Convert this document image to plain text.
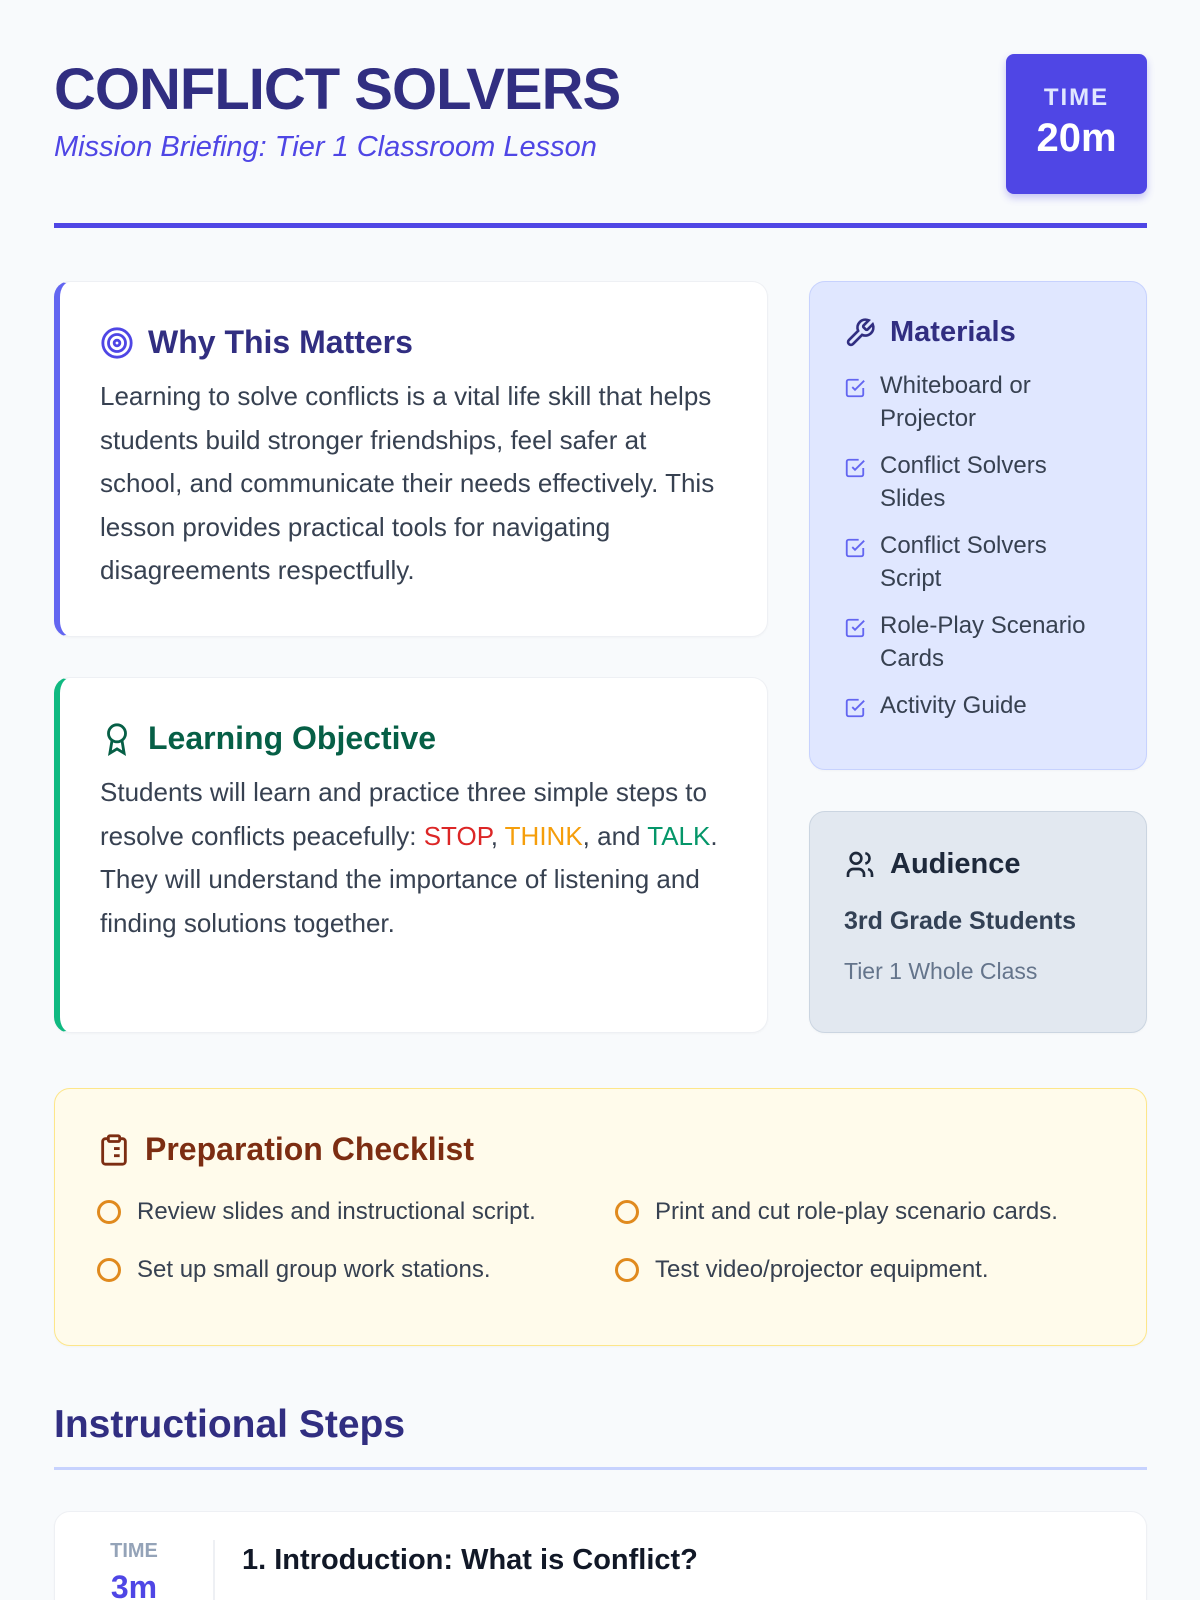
CONFLICT SOLVERS
Mission Briefing: Tier 1 Classroom Lesson
TIME
20m
Why This Matters

Learning to solve conflicts is a vital life skill that helps students build stronger friendships, feel safer at school, and communicate their needs effectively. This lesson provides practical tools for navigating disagreements respectfully.

Learning Objective

Students will learn and practice three simple steps to resolve conflicts peacefully: STOP, THINK, and TALK. They will understand the importance of listening and finding solutions together.

Materials
Whiteboard or Projector
Conflict Solvers Slides
Conflict Solvers Script
Role-Play Scenario Cards
Activity Guide
Audience
3rd Grade Students
Tier 1 Whole Class
Preparation Checklist
Review slides and instructional script.	Print and cut role-play scenario cards.
Set up small group work stations.	Test video/projector equipment.
Instructional Steps
TIME
3m
1. Introduction: What is Conflict?
